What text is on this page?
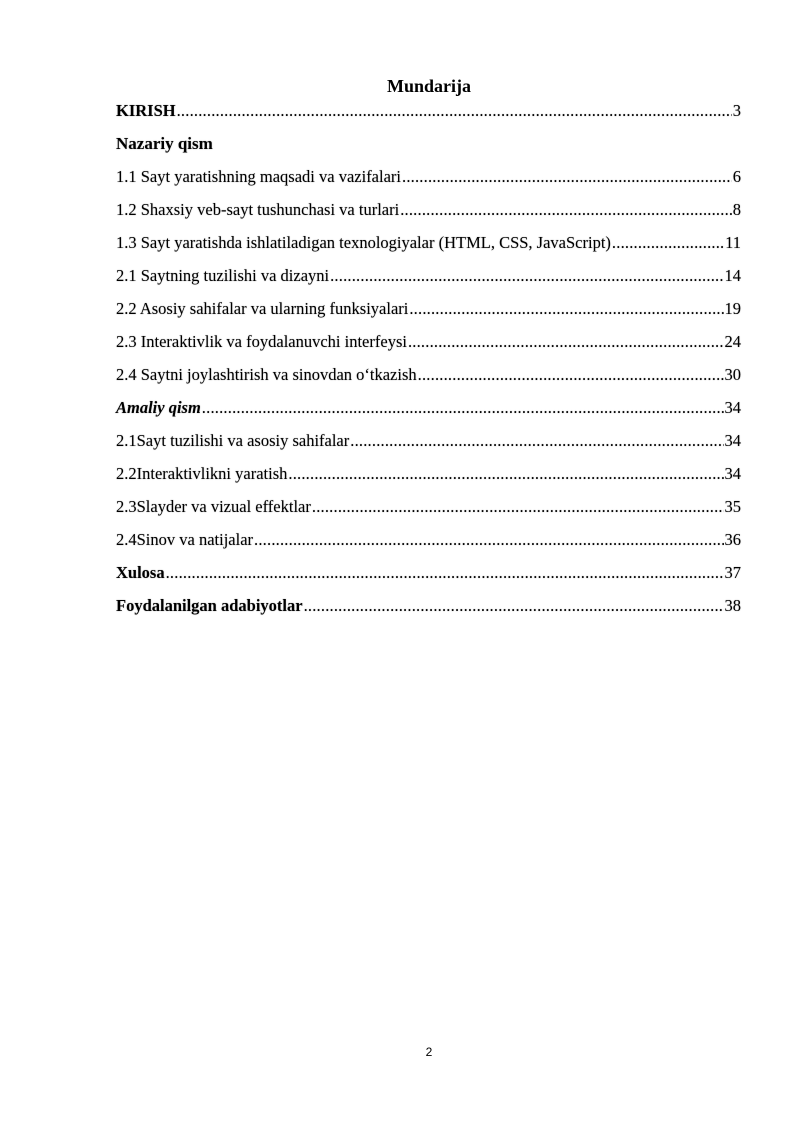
Mundarija
KIRISH .....	3
Nazariy qism
1.1 Sayt yaratishning maqsadi va vazifalari .....	6
1.2 Shaxsiy veb-sayt tushunchasi va turlari .....	8
1.3 Sayt yaratishda ishlatiladigan texnologiyalar (HTML, CSS, JavaScript) .....	11
2.1 Saytning tuzilishi va dizayni .....	14
2.2 Asosiy sahifalar va ularning funksiyalari .....	19
2.3 Interaktivlik va foydalanuvchi interfeysi .....	24
2.4 Saytni joylashtirish va sinovdan o‘tkazish .....	30
Amaliy qism .....	34
2.1Sayt tuzilishi va asosiy sahifalar .....	34
2.2Interaktivlikni yaratish .....	34
2.3Slayder va vizual effektlar .....	35
2.4Sinov va natijalar .....	36
Xulosa .....	37
Foydalanilgan adabiyotlar .....	38
2
